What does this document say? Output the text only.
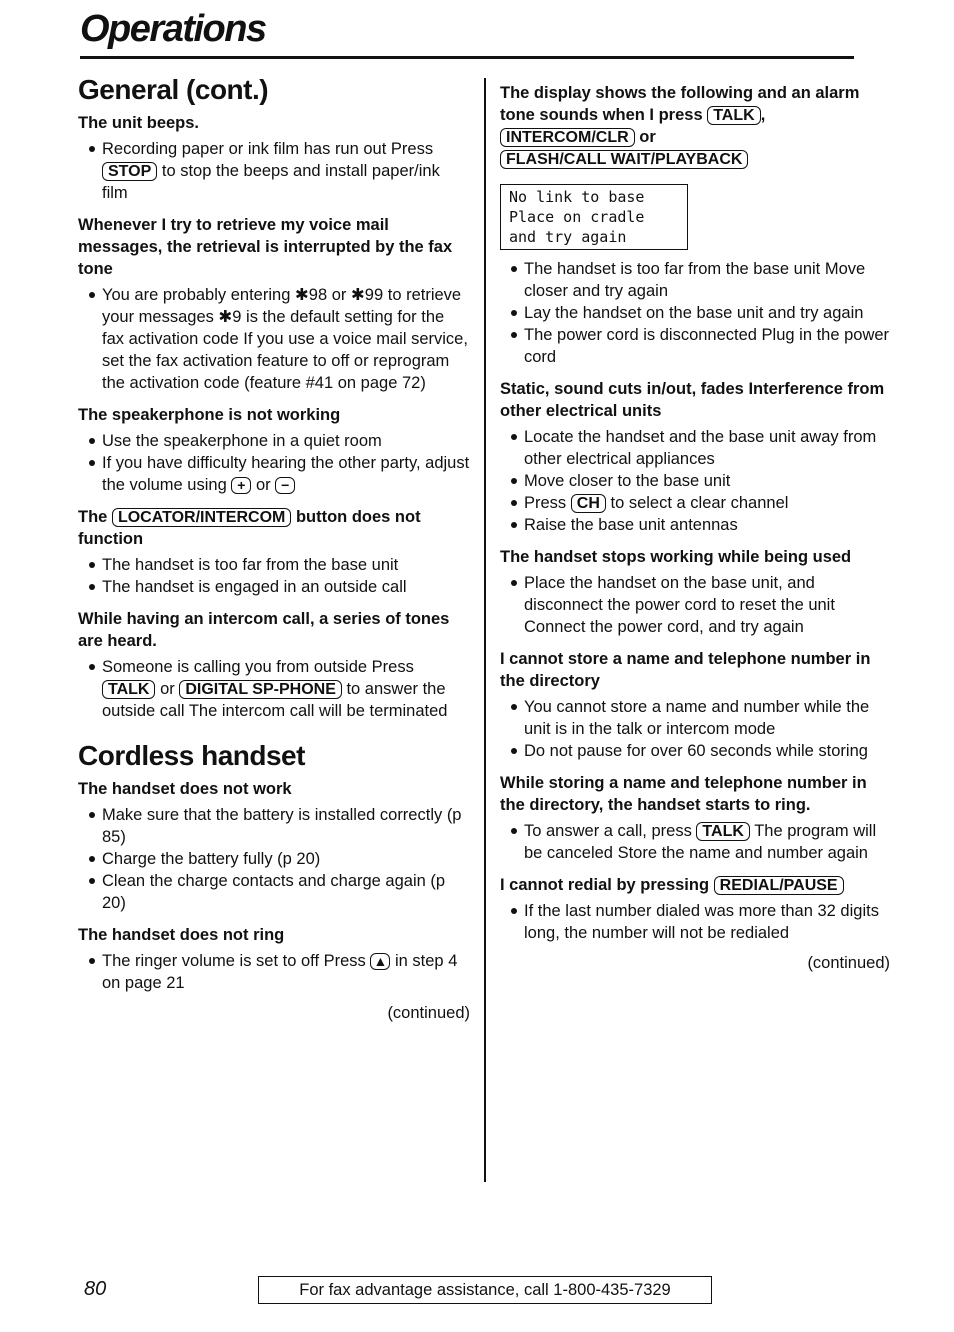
Operations
General (cont.)
The unit beeps.
Recording paper or ink film has run out Press STOP to stop the beeps and install paper/ink film
Whenever I try to retrieve my voice mail messages, the retrieval is interrupted by the fax tone
You are probably entering ✱98 or ✱99 to retrieve your messages ✱9 is the default setting for the fax activation code If you use a voice mail service, set the fax activation feature to off or reprogram the activation code (feature #41 on page 72)
The speakerphone is not working
Use the speakerphone in a quiet room
If you have difficulty hearing the other party, adjust the volume using + or −
The LOCATOR/INTERCOM button does not function
The handset is too far from the base unit
The handset is engaged in an outside call
While having an intercom call, a series of tones are heard.
Someone is calling you from outside Press TALK or DIGITAL SP-PHONE to answer the outside call The intercom call will be terminated
Cordless handset
The handset does not work
Make sure that the battery is installed correctly (p 85)
Charge the battery fully (p 20)
Clean the charge contacts and charge again (p 20)
The handset does not ring
The ringer volume is set to off Press ▲ in step 4 on page 21
(continued)
The display shows the following and an alarm tone sounds when I press TALK , INTERCOM/CLR or FLASH/CALL WAIT/PLAYBACK
No link to base
Place on cradle
and try again
The handset is too far from the base unit Move closer and try again
Lay the handset on the base unit and try again
The power cord is disconnected Plug in the power cord
Static, sound cuts in/out, fades Interference from other electrical units
Locate the handset and the base unit away from other electrical appliances
Move closer to the base unit
Press CH to select a clear channel
Raise the base unit antennas
The handset stops working while being used
Place the handset on the base unit, and disconnect the power cord to reset the unit Connect the power cord, and try again
I cannot store a name and telephone number in the directory
You cannot store a name and number while the unit is in the talk or intercom mode
Do not pause for over 60 seconds while storing
While storing a name and telephone number in the directory, the handset starts to ring.
To answer a call, press TALK The program will be canceled Store the name and number again
I cannot redial by pressing REDIAL/PAUSE
If the last number dialed was more than 32 digits long, the number will not be redialed
(continued)
80	For fax advantage assistance, call 1-800-435-7329
